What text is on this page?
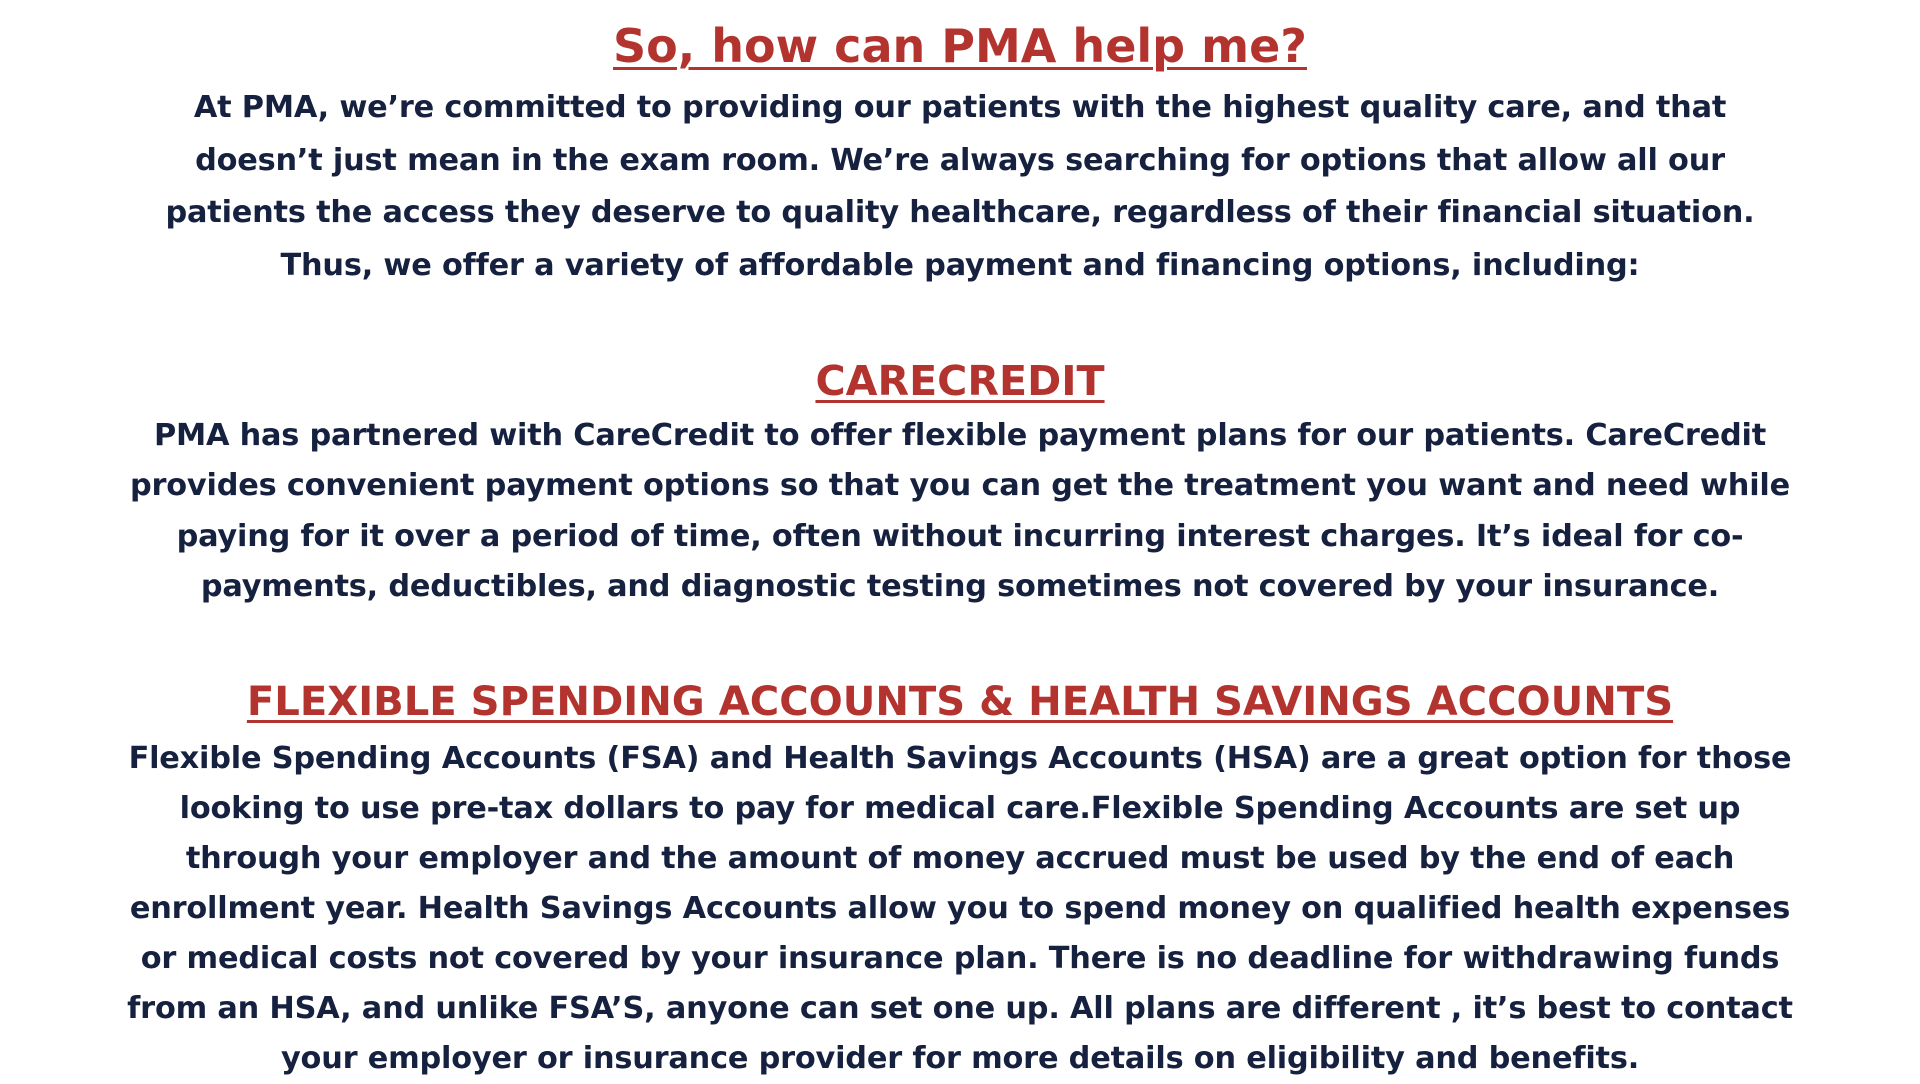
So, how can PMA help me?
At PMA, we’re committed to providing our patients with the highest quality care, and that
doesn’t just mean in the exam room. We’re always searching for options that allow all our
patients the access they deserve to quality healthcare, regardless of their financial situation.
Thus, we offer a variety of affordable payment and financing options, including:
CARECREDIT
PMA has partnered with CareCredit to offer flexible payment plans for our patients. CareCredit
provides convenient payment options so that you can get the treatment you want and need while
paying for it over a period of time, often without incurring interest charges. It’s ideal for co-
payments, deductibles, and diagnostic testing sometimes not covered by your insurance.
FLEXIBLE SPENDING ACCOUNTS & HEALTH SAVINGS ACCOUNTS
Flexible Spending Accounts (FSA) and Health Savings Accounts (HSA) are a great option for those
looking to use pre-tax dollars to pay for medical care.Flexible Spending Accounts are set up
through your employer and the amount of money accrued must be used by the end of each
enrollment year. Health Savings Accounts allow you to spend money on qualified health expenses
or medical costs not covered by your insurance plan. There is no deadline for withdrawing funds
from an HSA, and unlike FSA’S, anyone can set one up. All plans are different , it’s best to contact
your employer or insurance provider for more details on eligibility and benefits.
